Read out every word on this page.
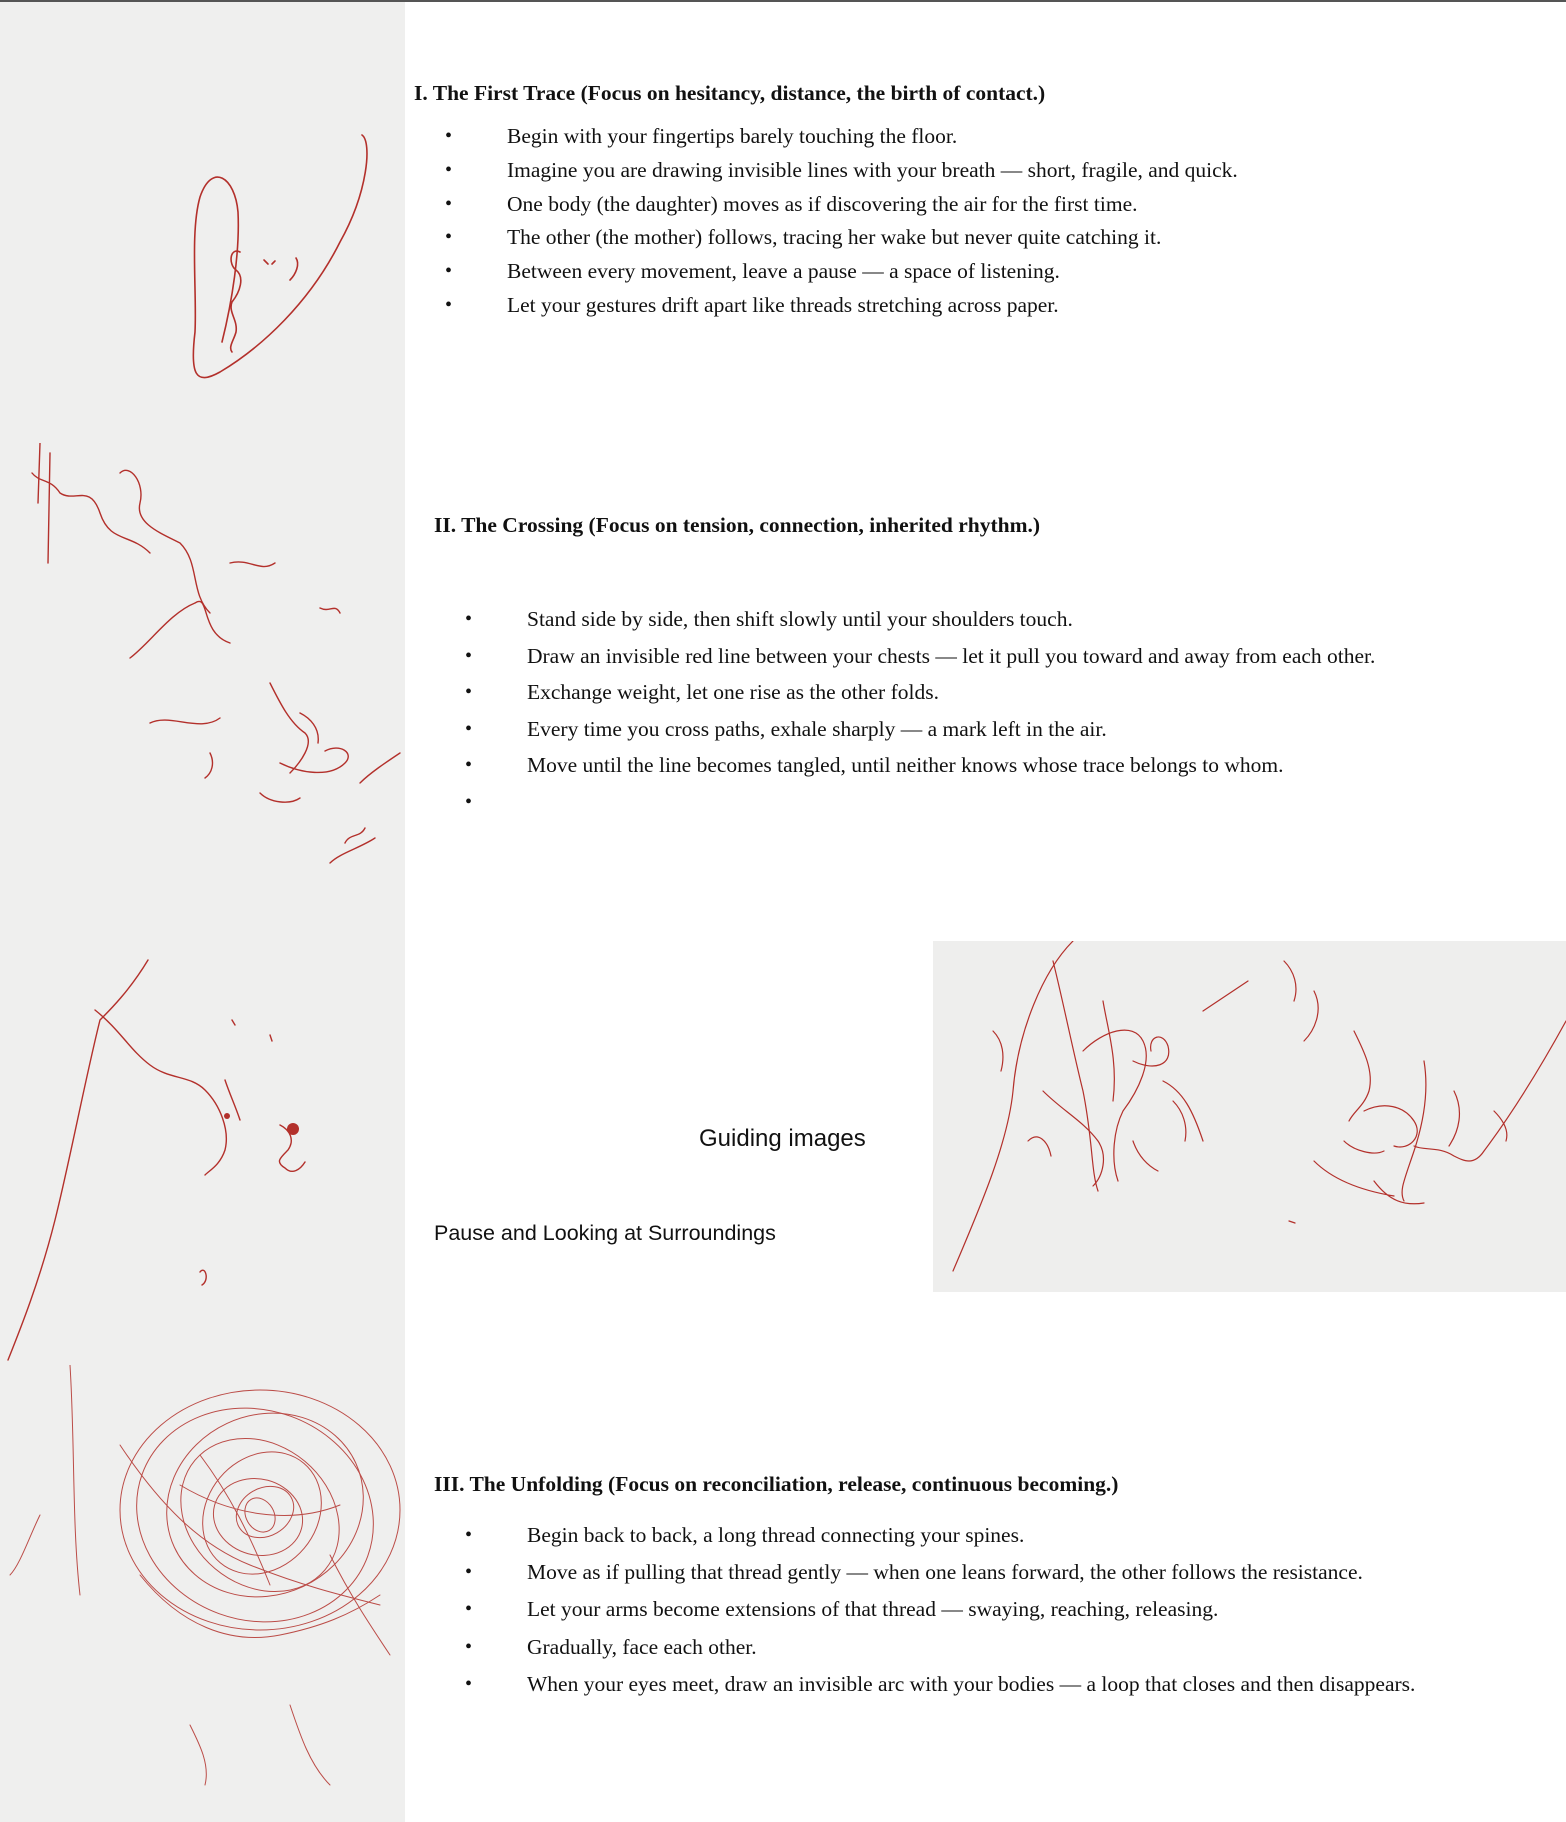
I. The First Trace (Focus on hesitancy, distance, the birth of contact.)
•	Begin with your fingertips barely touching the floor.
•	Imagine you are drawing invisible lines with your breath — short, fragile, and quick.
•	One body (the daughter) moves as if discovering the air for the first time.
•	The other (the mother) follows, tracing her wake but never quite catching it.
•	Between every movement, leave a pause — a space of listening.
•	Let your gestures drift apart like threads stretching across paper.
II. The Crossing (Focus on tension, connection, inherited rhythm.)
•	Stand side by side, then shift slowly until your shoulders touch.
•	Draw an invisible red line between your chests — let it pull you toward and away from each other.
•	Exchange weight, let one rise as the other folds.
•	Every time you cross paths, exhale sharply — a mark left in the air.
•	Move until the line becomes tangled, until neither knows whose trace belongs to whom.
•
Guiding images
Pause and Looking at Surroundings
III. The Unfolding (Focus on reconciliation, release, continuous becoming.)
•	Begin back to back, a long thread connecting your spines.
•	Move as if pulling that thread gently — when one leans forward, the other follows the resistance.
•	Let your arms become extensions of that thread — swaying, reaching, releasing.
•	Gradually, face each other.
•	When your eyes meet, draw an invisible arc with your bodies — a loop that closes and then disappears.
